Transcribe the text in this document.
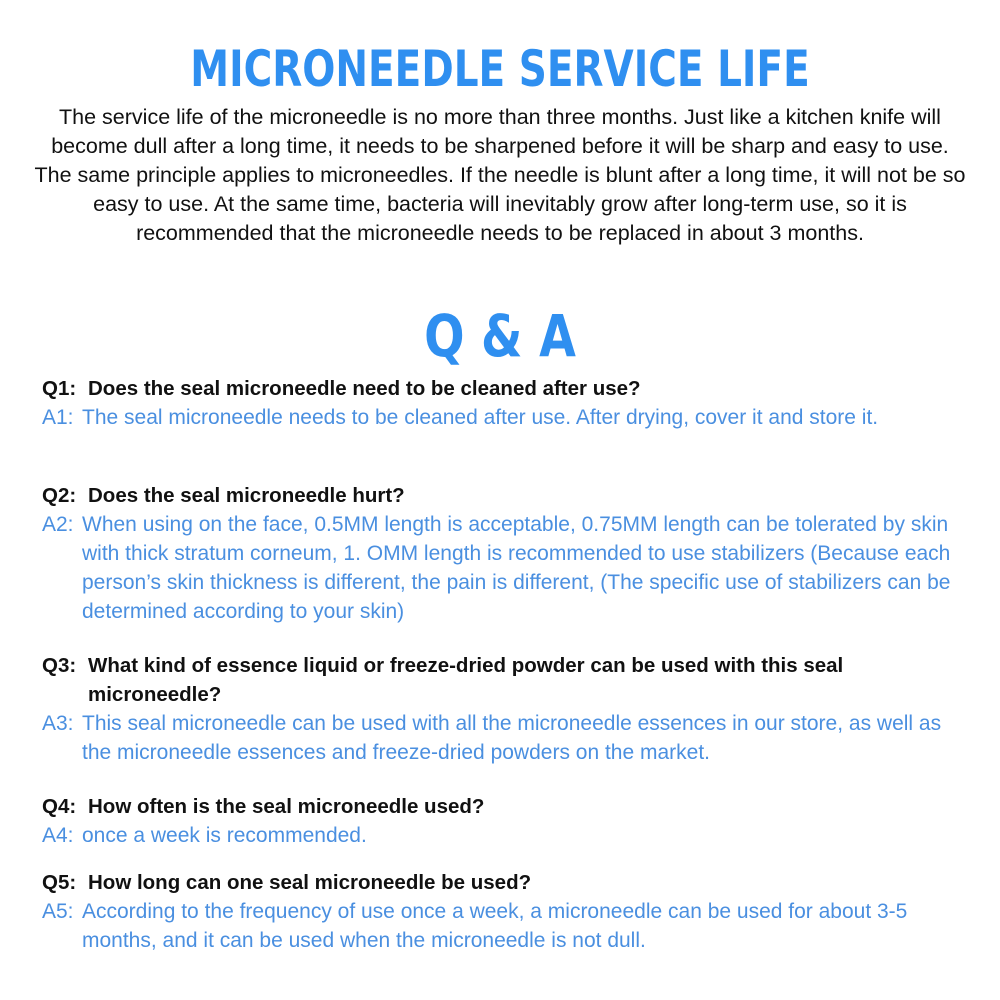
MICRONEEDLE SERVICE LIFE
The service life of the microneedle is no more than three months. Just like a kitchen knife will become dull after a long time, it needs to be sharpened before it will be sharp and easy to use. The same principle applies to microneedles. If the needle is blunt after a long time, it will not be so easy to use. At the same time, bacteria will inevitably grow after long-term use, so it is recommended that the microneedle needs to be replaced in about 3 months.
Q & A
Q1: Does the seal microneedle need to be cleaned after use?
A1: The seal microneedle needs to be cleaned after use. After drying, cover it and store it.
Q2: Does the seal microneedle hurt?
A2: When using on the face, 0.5MM length is acceptable, 0.75MM length can be tolerated by skin with thick stratum corneum, 1. OMM length is recommended to use stabilizers (Because each person’s skin thickness is different, the pain is different, (The specific use of stabilizers can be determined according to your skin)
Q3: What kind of essence liquid or freeze-dried powder can be used with this seal microneedle?
A3: This seal microneedle can be used with all the microneedle essences in our store, as well as the microneedle essences and freeze-dried powders on the market.
Q4: How often is the seal microneedle used?
A4: once a week is recommended.
Q5: How long can one seal microneedle be used?
A5: According to the frequency of use once a week, a microneedle can be used for about 3-5 months, and it can be used when the microneedle is not dull.
